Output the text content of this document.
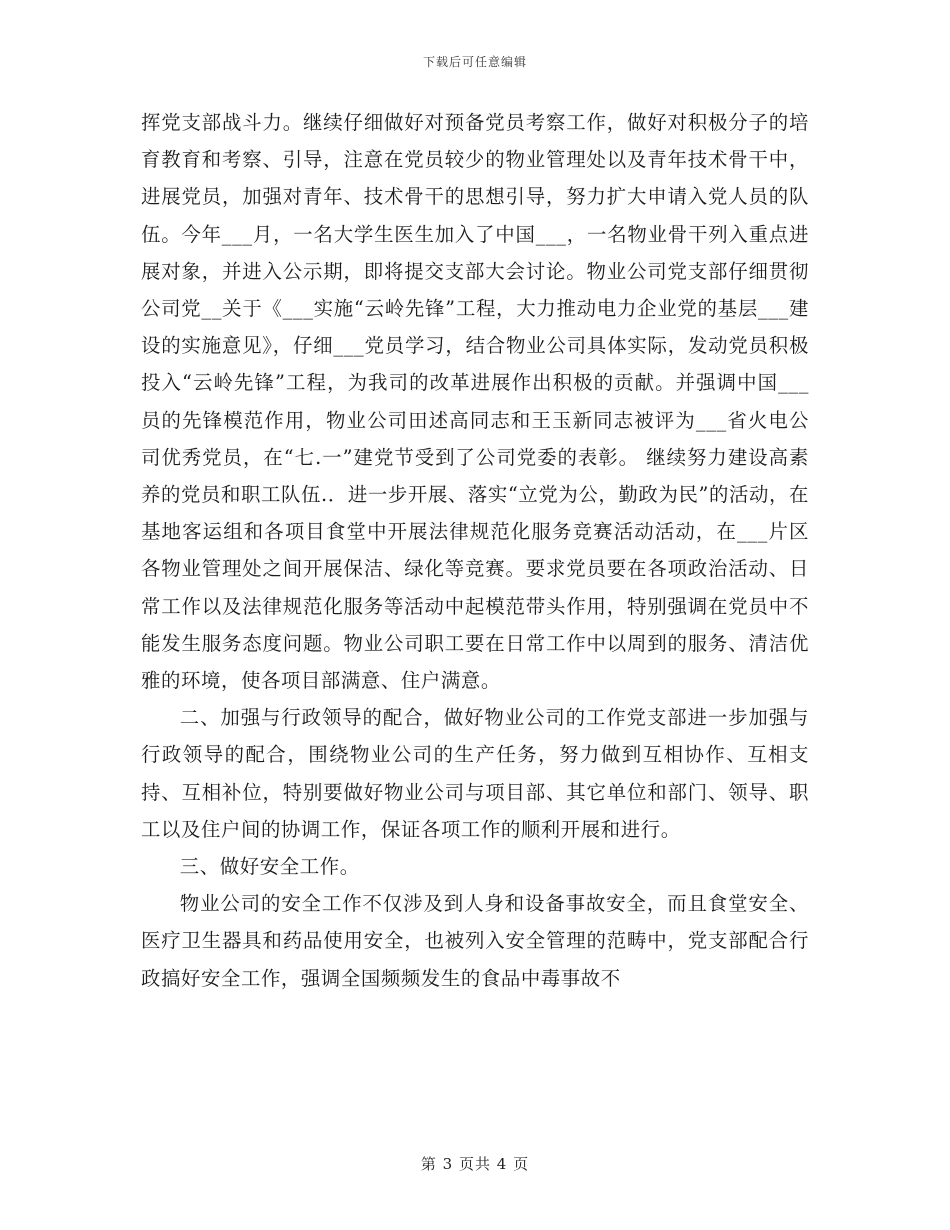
下载后可任意编辑

挥党支部战斗力。继续仔细做好对预备党员考察工作，做好对积极分子的培育教育和考察、引导，注意在党员较少的物业管理处以及青年技术骨干中，进展党员，加强对青年、技术骨干的思想引导，努力扩大申请入党人员的队伍。今年___月，一名大学生医生加入了中国___，一名物业骨干列入重点进展对象，并进入公示期，即将提交支部大会讨论。物业公司党支部仔细贯彻公司党__关于《___实施“云岭先锋”工程，大力推动电力企业党的基层___建设的实施意见》，仔细___党员学习，结合物业公司具体实际，发动党员积极投入“云岭先锋”工程，为我司的改革进展作出积极的贡献。并强调中国___员的先锋模范作用，物业公司田述高同志和王玉新同志被评为___省火电公司优秀党员，在“七.一”建党节受到了公司党委的表彰。 继续努力建设高素养的党员和职工队伍.．进一步开展、落实“立党为公，勤政为民”的活动，在基地客运组和各项目食堂中开展法律规范化服务竞赛活动活动，在___片区各物业管理处之间开展保洁、绿化等竞赛。要求党员要在各项政治活动、日常工作以及法律规范化服务等活动中起模范带头作用，特别强调在党员中不能发生服务态度问题。物业公司职工要在日常工作中以周到的服务、清洁优雅的环境，使各项目部满意、住户满意。

二、加强与行政领导的配合，做好物业公司的工作党支部进一步加强与行政领导的配合，围绕物业公司的生产任务，努力做到互相协作、互相支持、互相补位，特别要做好物业公司与项目部、其它单位和部门、领导、职工以及住户间的协调工作，保证各项工作的顺利开展和进行。

三、做好安全工作。

物业公司的安全工作不仅涉及到人身和设备事故安全，而且食堂安全、医疗卫生器具和药品使用安全，也被列入安全管理的范畴中，党支部配合行政搞好安全工作，强调全国频频发生的食品中毒事故不

第 3 页共 4 页
